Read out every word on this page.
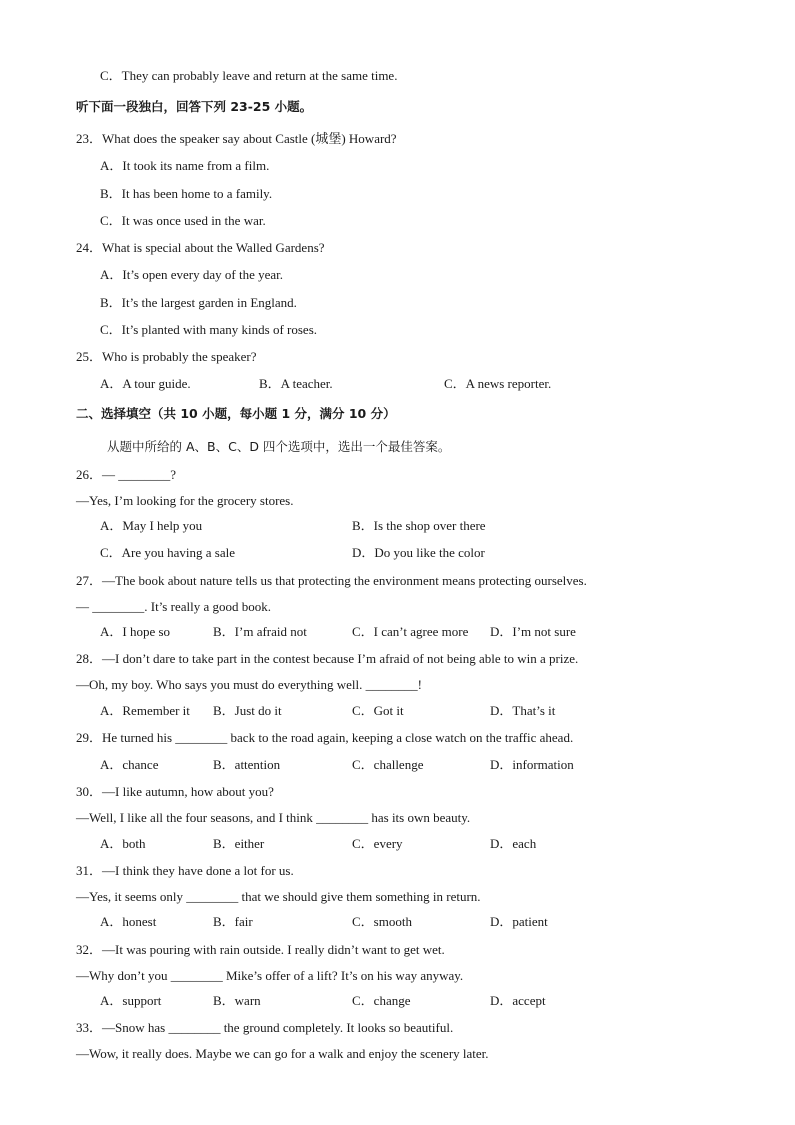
C．They can probably leave and return at the same time.
听下面一段独白，回答下列 23-25 小题。
23．What does the speaker say about Castle (城堡) Howard?
A．It took its name from a film.
B．It has been home to a family.
C．It was once used in the war.
24．What is special about the Walled Gardens?
A．It’s open every day of the year.
B．It’s the largest garden in England.
C．It’s planted with many kinds of roses.
25．Who is probably the speaker?
A．A tour guide.	B．A teacher.	C．A news reporter.
二、选择填空（共 10 小题，每小题 1 分，满分 10 分）
从题中所给的 A、B、C、D 四个选项中，选出一个最佳答案。
26．— ________?
—Yes, I’m looking for the grocery stores.
A．May I help you	B．Is the shop over there
C．Are you having a sale	D．Do you like the color
27．—The book about nature tells us that protecting the environment means protecting ourselves.
— ________. It’s really a good book.
A．I hope so	B．I’m afraid not	C．I can’t agree more D．I’m not sure
28．—I don’t dare to take part in the contest because I’m afraid of not being able to win a prize.
—Oh, my boy. Who says you must do everything well. ________!
A．Remember it B．Just do it	C．Got it	D．That’s it
29．He turned his ________ back to the road again, keeping a close watch on the traffic ahead.
A．chance	B．attention	C．challenge	D．information
30．—I like autumn, how about you?
—Well, I like all the four seasons, and I think ________ has its own beauty.
A．both	B．either	C．every	D．each
31．—I think they have done a lot for us.
—Yes, it seems only ________ that we should give them something in return.
A．honest	B．fair	C．smooth	D．patient
32．—It was pouring with rain outside. I really didn’t want to get wet.
—Why don’t you ________ Mike’s offer of a lift? It’s on his way anyway.
A．support	B．warn	C．change	D．accept
33．—Snow has ________ the ground completely. It looks so beautiful.
—Wow, it really does. Maybe we can go for a walk and enjoy the scenery later.
